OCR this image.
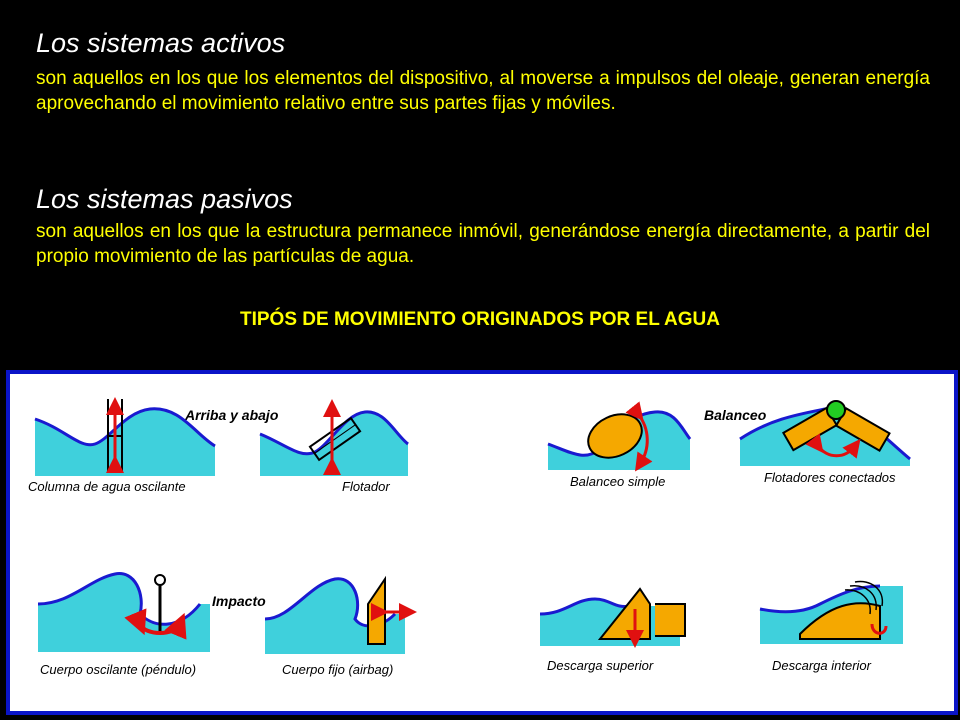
Los sistemas activos

son aquellos en los que los elementos del dispositivo, al moverse a impulsos del oleaje, generan energía aprovechando el movimiento relativo entre sus partes fijas y móviles.

Los sistemas pasivos

son aquellos en los que la estructura permanece inmóvil, generándose energía directamente, a partir del propio movimiento de las partículas de agua.

TIPÓS DE MOVIMIENTO ORIGINADOS POR EL AGUA

Arriba y abajo	Balanceo
Impacto
Columna de agua oscilante	Flotador	Balanceo simple	Flotadores conectados
Cuerpo oscilante (péndulo)	Cuerpo fijo (airbag)	Descarga superior	Descarga interior
